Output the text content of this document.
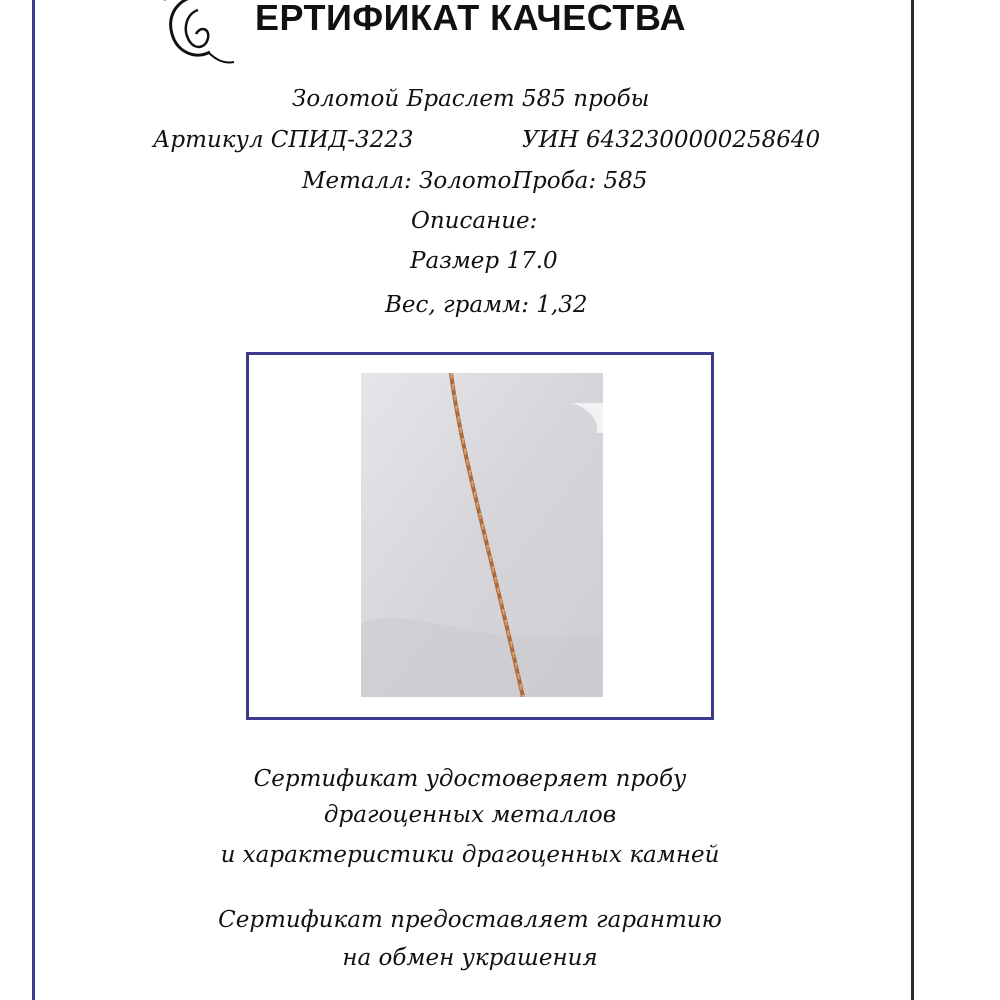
ЕРТИФИКАТ КАЧЕСТВА
Золотой Браслет 585 пробы
Артикул СПИД-3223	УИН 6432300000258640
Металл: Золото Проба: 585
Описание:
Размер 17.0
Вес, грамм: 1,32
Сертификат удостоверяет пробу
драгоценных металлов
и характеристики драгоценных камней
Сертификат предоставляет гарантию
на обмен украшения
